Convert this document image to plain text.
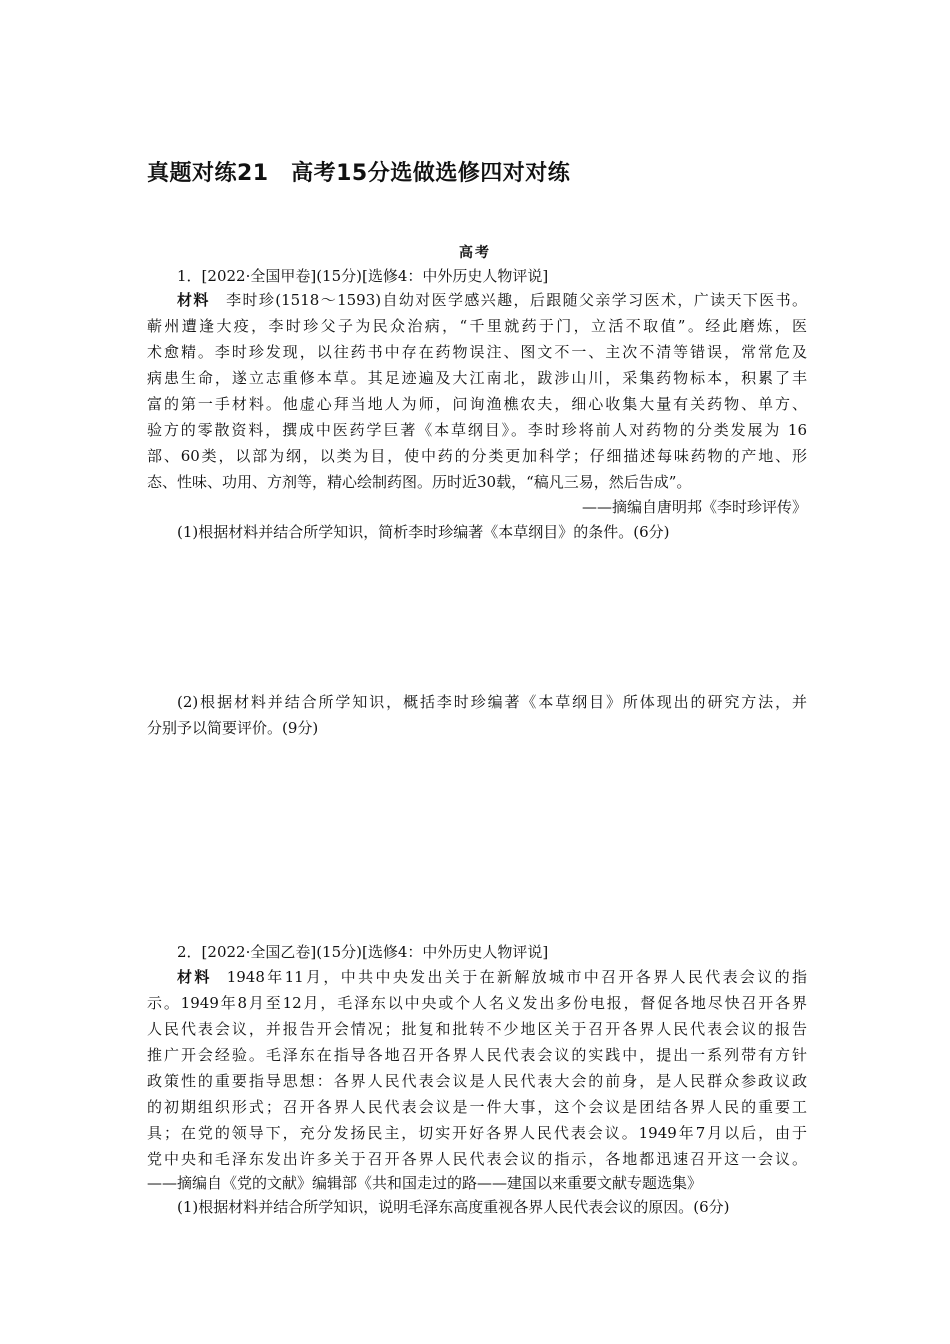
真题对练21　高考15分选做选修四对对练
高考
1．[2022·全国甲卷](15分)[选修4：中外历史人物评说]
材料  李时珍(1518～1593)自幼对医学感兴趣，后跟随父亲学习医术，广读天下医书。
蕲州遭逢大疫，李时珍父子为民众治病，“千里就药于门，立活不取值”。经此磨炼，医
术愈精。李时珍发现，以往药书中存在药物误注、图文不一、主次不清等错误，常常危及
病患生命，遂立志重修本草。其足迹遍及大江南北，跋涉山川，采集药物标本，积累了丰
富的第一手材料。他虚心拜当地人为师，问询渔樵农夫，细心收集大量有关药物、单方、
验方的零散资料，撰成中医药学巨著《本草纲目》。李时珍将前人对药物的分类发展为 16
部、60类，以部为纲，以类为目，使中药的分类更加科学；仔细描述每味药物的产地、形
态、性味、功用、方剂等，精心绘制药图。历时近30载，“稿凡三易，然后告成”。
——摘编自唐明邦《李时珍评传》
(1)根据材料并结合所学知识，简析李时珍编著《本草纲目》的条件。(6分)
(2)根据材料并结合所学知识，概括李时珍编著《本草纲目》所体现出的研究方法，并
分别予以简要评价。(9分)
2．[2022·全国乙卷](15分)[选修4：中外历史人物评说]
材料  1948年11月，中共中央发出关于在新解放城市中召开各界人民代表会议的指
示。1949年8月至12月，毛泽东以中央或个人名义发出多份电报，督促各地尽快召开各界
人民代表会议，并报告开会情况；批复和批转不少地区关于召开各界人民代表会议的报告
推广开会经验。毛泽东在指导各地召开各界人民代表会议的实践中，提出一系列带有方针
政策性的重要指导思想：各界人民代表会议是人民代表大会的前身，是人民群众参政议政
的初期组织形式；召开各界人民代表会议是一件大事，这个会议是团结各界人民的重要工
具；在党的领导下，充分发扬民主，切实开好各界人民代表会议。1949年7月以后，由于
党中央和毛泽东发出许多关于召开各界人民代表会议的指示，各地都迅速召开这一会议。
——摘编自《党的文献》编辑部《共和国走过的路——建国以来重要文献专题选集》
(1)根据材料并结合所学知识，说明毛泽东高度重视各界人民代表会议的原因。(6分)
